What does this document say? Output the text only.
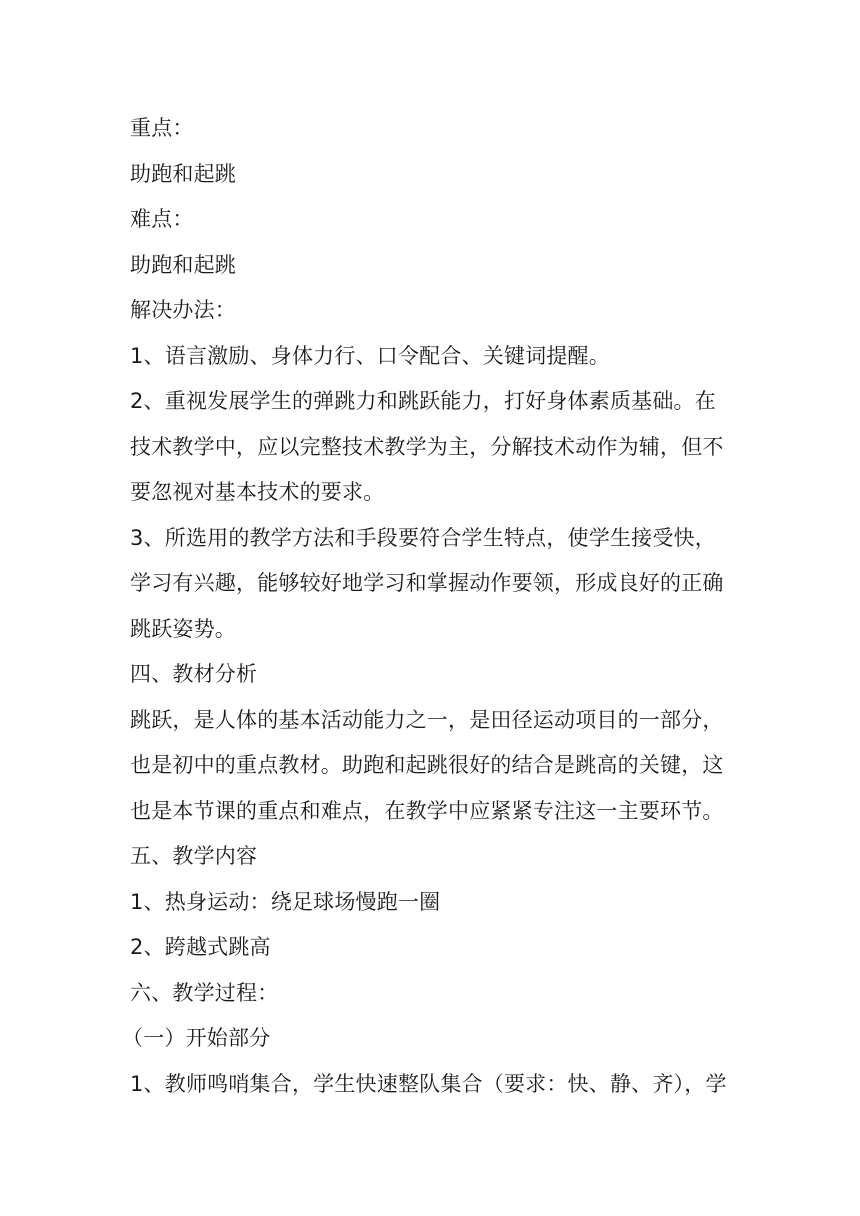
重点：
助跑和起跳
难点：
助跑和起跳
解决办法：
1、语言激励、身体力行、口令配合、关键词提醒。
2、重视发展学生的弹跳力和跳跃能力，打好身体素质基础。在
技术教学中，应以完整技术教学为主，分解技术动作为辅，但不
要忽视对基本技术的要求。
3、所选用的教学方法和手段要符合学生特点，使学生接受快，
学习有兴趣，能够较好地学习和掌握动作要领，形成良好的正确
跳跃姿势。
四、教材分析
跳跃，是人体的基本活动能力之一，是田径运动项目的一部分，
也是初中的重点教材。助跑和起跳很好的结合是跳高的关键，这
也是本节课的重点和难点，在教学中应紧紧专注这一主要环节。
五、教学内容
1、热身运动：绕足球场慢跑一圈
2、跨越式跳高
六、教学过程：
（一）开始部分
1、教师鸣哨集合，学生快速整队集合（要求：快、静、齐），学
